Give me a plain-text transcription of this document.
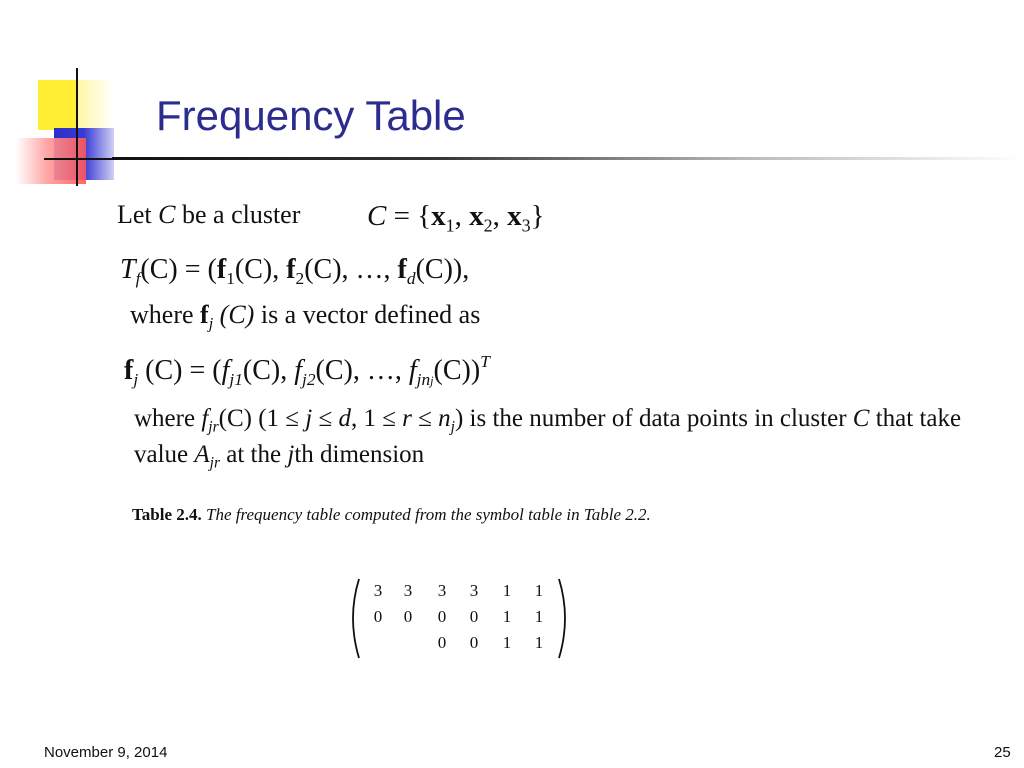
Frequency Table
Let C be a cluster $C = \{x_1$, $x_2$, $x_3$}
$T_f(C) = (f_1(C)$, $f_2(C)$, …, $f_d(C)$),
where $f_j$ (C) is a vector defined as
$f_j$ $(C) = (f_{j1}(C)$, $f_{j2}(C)$, …, $f_{jnj}(C))^T$
where $f_{jr}(C) (1 \le j \le d$, $1 \le r \le n_j$) is the number of data points in cluster C that take
value $A_{jr}$ at the jth dimension
Table 2.4. The frequency table computed from the symbol table in Table 2.2.
3 3 3 3 1 1
0 0 0 0 1 1
0 0 1 1
November 9, 2014	25
